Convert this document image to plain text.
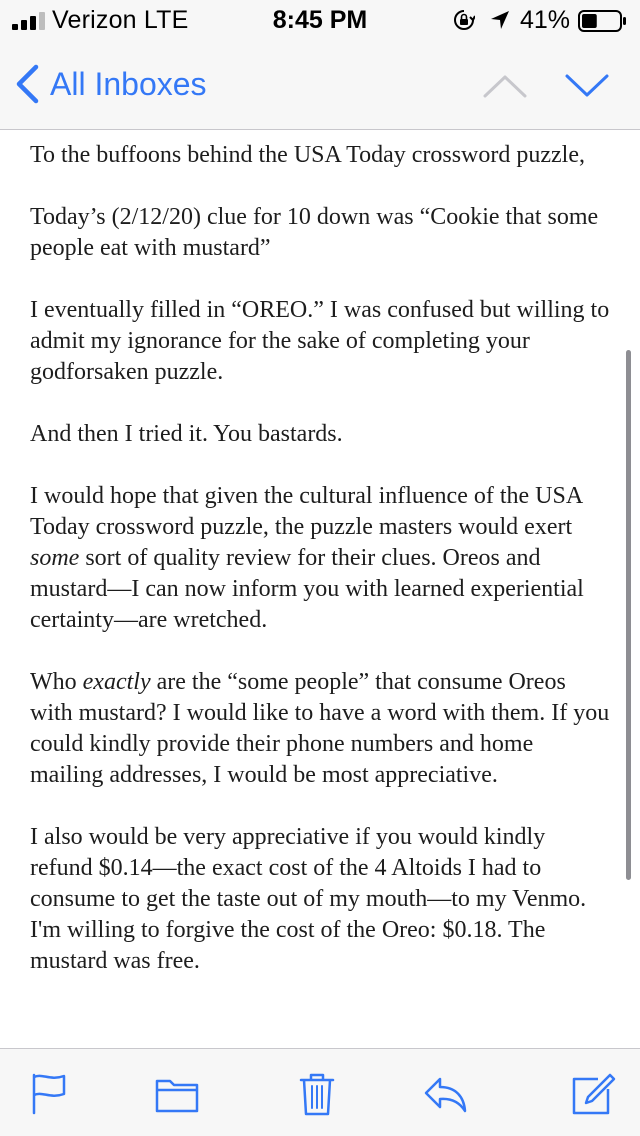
Verizon LTE	8:45 PM	41%
All Inboxes

To the buffoons behind the USA Today crossword puzzle,

Today’s (2/12/20) clue for 10 down was “Cookie that some people eat with mustard”

I eventually filled in “OREO.” I was confused but willing to admit my ignorance for the sake of completing your godforsaken puzzle.

And then I tried it. You bastards.

I would hope that given the cultural influence of the USA Today crossword puzzle, the puzzle masters would exert some sort of quality review for their clues. Oreos and mustard—I can now inform you with learned experiential certainty—are wretched.

Who exactly are the “some people” that consume Oreos with mustard? I would like to have a word with them. If you could kindly provide their phone numbers and home mailing addresses, I would be most appreciative.

I also would be very appreciative if you would kindly refund $0.14—the exact cost of the 4 Altoids I had to consume to get the taste out of my mouth—to my Venmo. I'm willing to forgive the cost of the Oreo: $0.18. The mustard was free.
